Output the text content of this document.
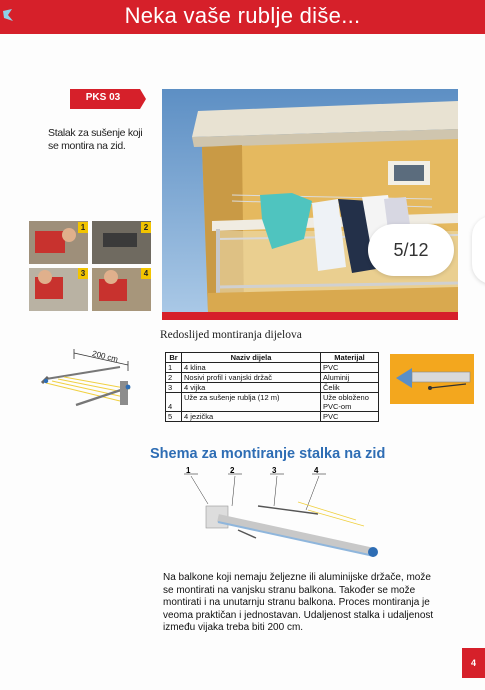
Neka vaše rublje diše...
PKS 03
Stalak za sušenje koji se montira na zid.
1	2
3	4
5/12
200 cm
Redoslijed montiranja dijelova
Br	Naziv dijela	Materijal
1	4 klina	PVC
2	Nosivi profil i vanjski držač	Aluminij
3	4 vijka	Čelik
4	Uže za sušenje rublja (12 m)	Uže obloženo PVC-om
5	4 jezička	PVC
Shema za montiranje stalka na zid
1	2	3	4
Na balkone koji nemaju željezne ili aluminijske držače, može se montirati na vanjsku stranu balkona. Također se može montirati i na unutarnju stranu balkona. Proces montiranja je veoma praktičan i jednostavan. Udaljenost stalka i udaljenost između vijaka treba biti 200 cm.
4
